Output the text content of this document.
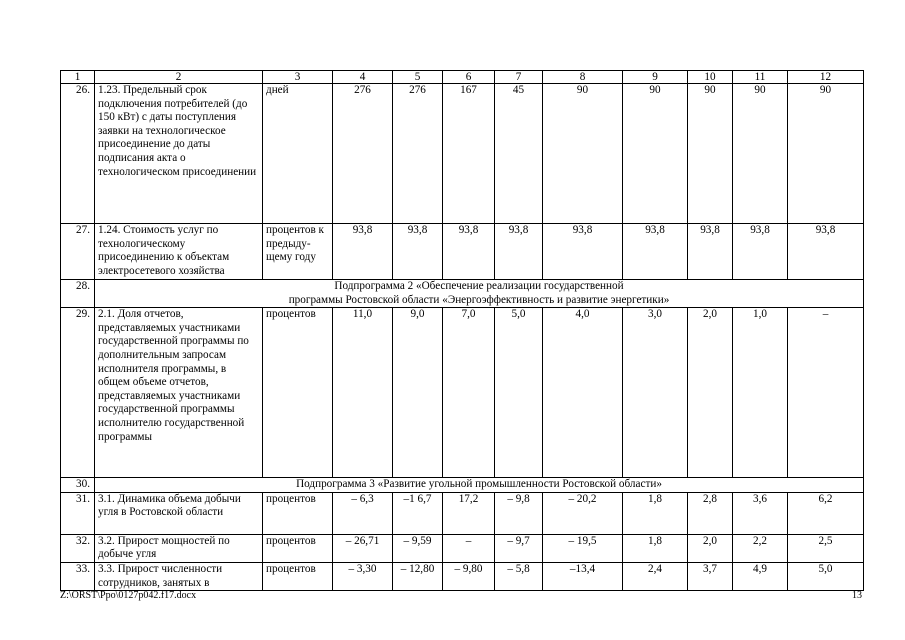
1	2	3	4	5	6	7	8	9	10	11	12
26.	1.23. Предельный срок подключения потребителей (до 150 кВт) с даты поступления заявки на технологическое присоединение до даты подписания акта о технологическом присоединении	дней	276	276	167	45	90	90	90	90	90
27.	1.24. Стоимость услуг по технологическому присоединению к объектам электросетевого хозяйства	процентов к предыду-щему году	93,8	93,8	93,8	93,8	93,8	93,8	93,8	93,8	93,8
28.	Подпрограмма 2 «Обеспечение реализации государственной
программы Ростовской области «Энергоэффективность и развитие энергетики»										

29.	2.1. Доля отчетов, представляемых участниками государственной программы по дополнительным запросам исполнителя программы, в общем объеме отчетов, представляемых участниками государственной программы исполнителю государственной программы	процентов	11,0	9,0	7,0	5,0	4,0	3,0	2,0	1,0	–
30.	Подпрограмма 3 «Развитие угольной промышленности Ростовской области»										

31.	3.1. Динамика объема добычи угля в Ростовской области	процентов	– 6,3	–1 6,7	17,2	– 9,8	– 20,2	1,8	2,8	3,6	6,2
32.	3.2. Прирост мощностей по добыче угля	процентов	– 26,71	– 9,59	–	– 9,7	– 19,5	1,8	2,0	2,2	2,5
33.	3.3. Прирост численности сотрудников, занятых в	процентов	– 3,30	– 12,80	– 9,80	– 5,8	–13,4	2,4	3,7	4,9	5,0
Z:\ORST\Ppo\0127p042.f17.docx	13
